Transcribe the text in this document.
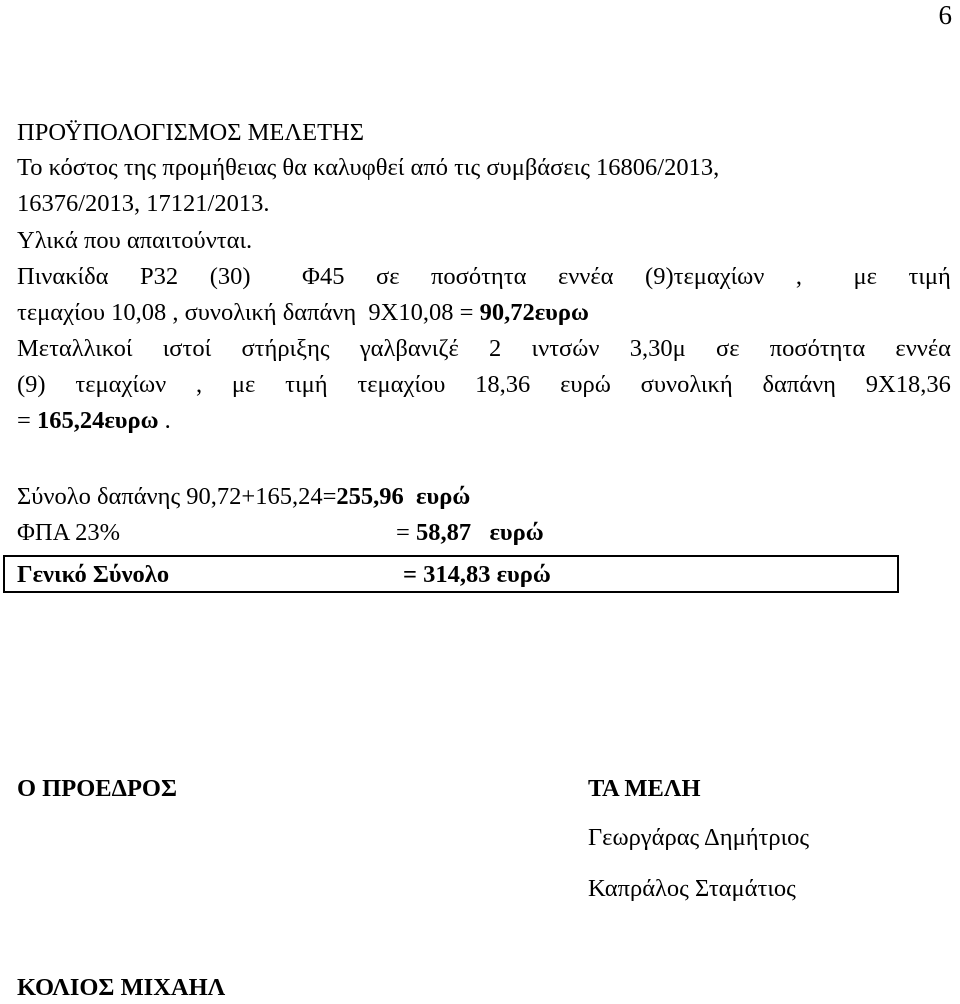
6
ΠΡΟΫΠΟΛΟΓΙΣΜΟΣ ΜΕΛΕΤΗΣ
Το κόστος της προμήθειας θα καλυφθεί από τις συμβάσεις 16806/2013,
16376/2013, 17121/2013.
Υλικά που απαιτούνται.
Πινακίδα Ρ32 (30) Φ45 σε ποσότητα εννέα (9)τεμαχίων , με τιμή
τεμαχίου 10,08 , συνολική δαπάνη  9Χ10,08 = 90,72ευρω
Μεταλλικοί ιστοί στήριξης γαλβανιζέ 2 ιντσών 3,30μ σε ποσότητα εννέα
(9) τεμαχίων , με τιμή τεμαχίου 18,36 ευρώ συνολική δαπάνη 9Χ18,36
= 165,24ευρω .
Σύνολο δαπάνης 90,72+165,24=255,96  ευρώ
ΦΠΑ 23%	= 58,87   ευρώ
Γενικό Σύνολο	= 314,83 ευρώ
Ο ΠΡΟΕΔΡΟΣ	ΤΑ ΜΕΛΗ
Γεωργάρας Δημήτριος
Καπράλος Σταμάτιος
ΚΟΛΙΟΣ ΜΙΧΑΗΛ
